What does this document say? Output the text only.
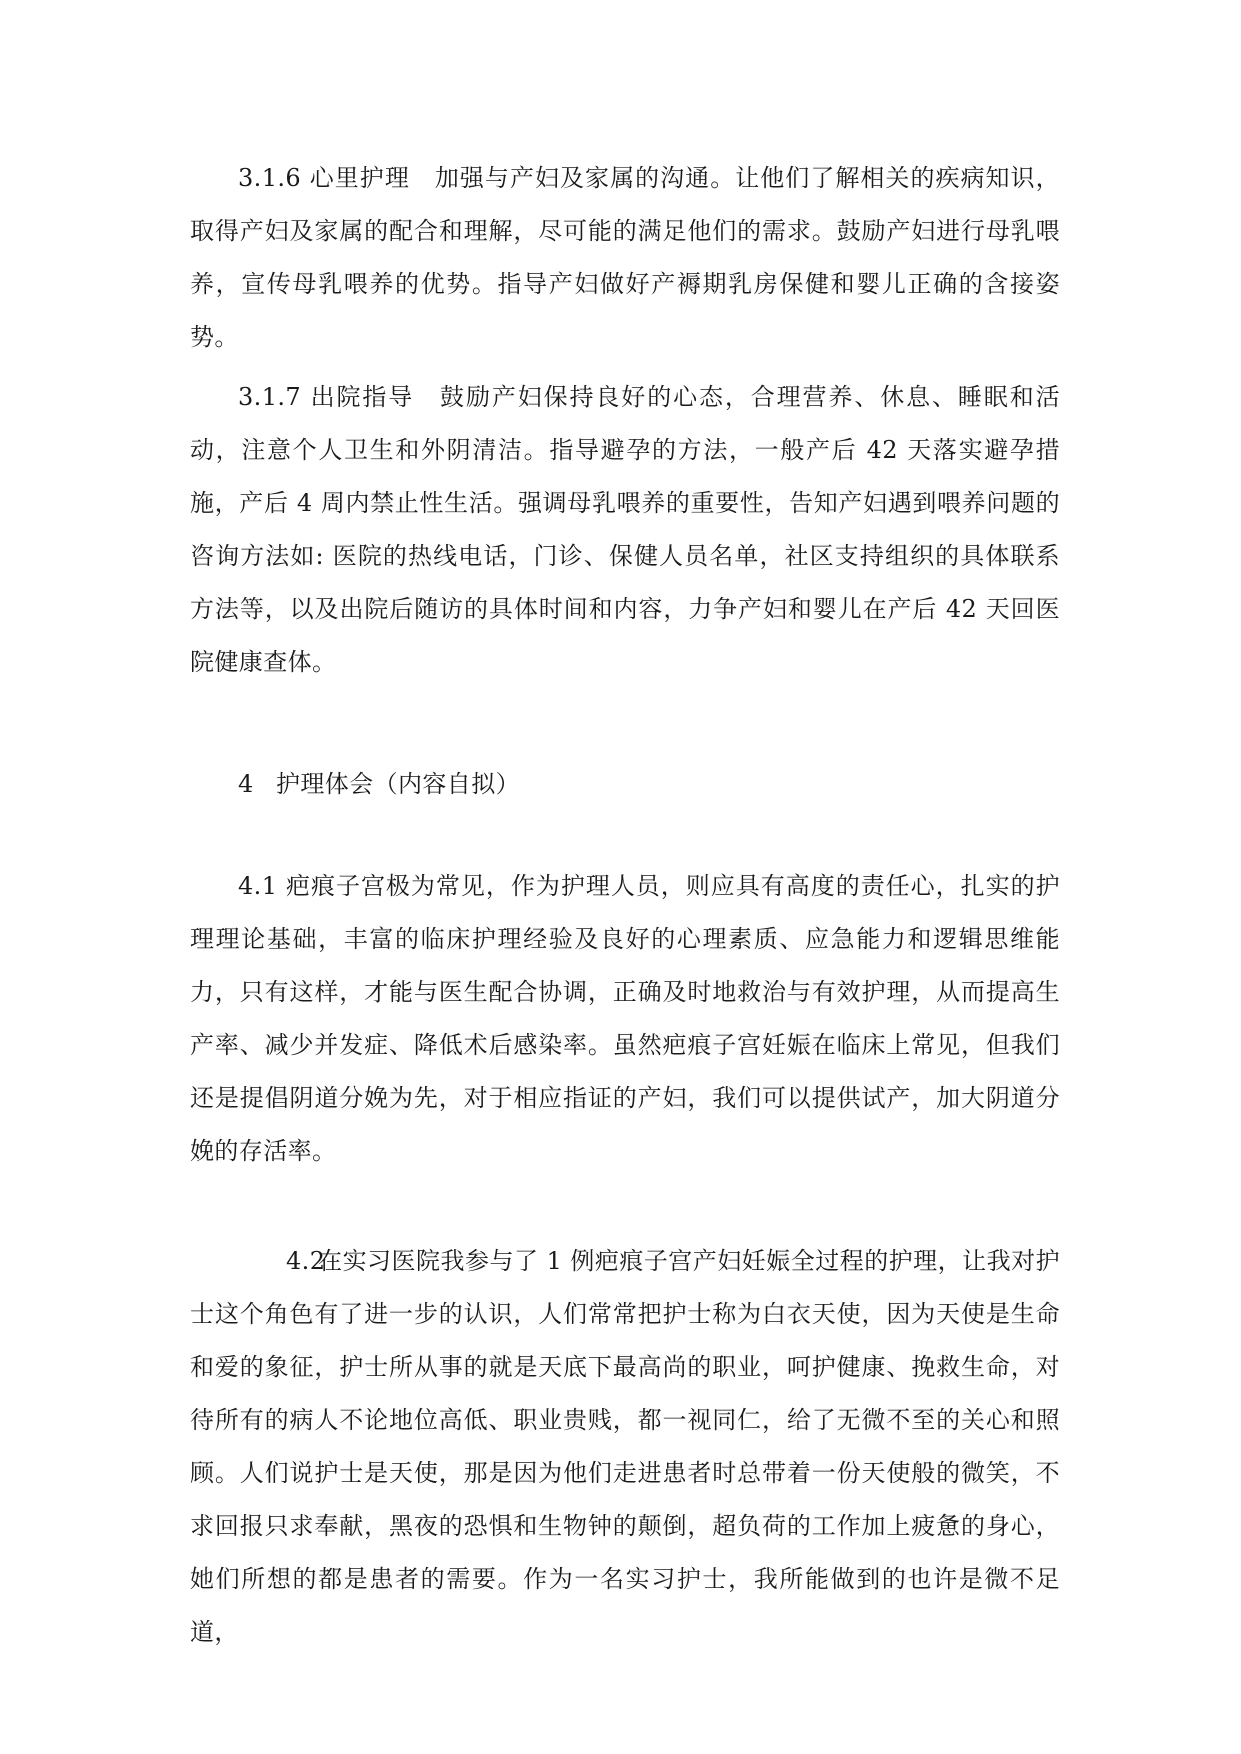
3.1.6 心里护理　加强与产妇及家属的沟通。让他们了解相关的疾病知识，取得产妇及家属的配合和理解，尽可能的满足他们的需求。鼓励产妇进行母乳喂养，宣传母乳喂养的优势。指导产妇做好产褥期乳房保健和婴儿正确的含接姿势。

3.1.7 出院指导　鼓励产妇保持良好的心态，合理营养、休息、睡眠和活动，注意个人卫生和外阴清洁。指导避孕的方法，一般产后 42 天落实避孕措施，产后 4 周内禁止性生活。强调母乳喂养的重要性，告知产妇遇到喂养问题的咨询方法如: 医院的热线电话，门诊、保健人员名单，社区支持组织的具体联系方法等，以及出院后随访的具体时间和内容，力争产妇和婴儿在产后 42 天回医院健康查体。

4 护理体会（内容自拟）

4.1 疤痕子宫极为常见，作为护理人员，则应具有高度的责任心，扎实的护理理论基础，丰富的临床护理经验及良好的心理素质、应急能力和逻辑思维能力，只有这样，才能与医生配合协调，正确及时地救治与有效护理，从而提高生产率、减少并发症、降低术后感染率。虽然疤痕子宫妊娠在临床上常见，但我们还是提倡阴道分娩为先，对于相应指证的产妇，我们可以提供试产，加大阴道分娩的存活率。

4.2在实习医院我参与了 1 例疤痕子宫产妇妊娠全过程的护理，让我对护士这个角色有了进一步的认识，人们常常把护士称为白衣天使，因为天使是生命和爱的象征，护士所从事的就是天底下最高尚的职业，呵护健康、挽救生命，对待所有的病人不论地位高低、职业贵贱，都一视同仁，给了无微不至的关心和照顾。人们说护士是天使，那是因为他们走进患者时总带着一份天使般的微笑，不求回报只求奉献，黑夜的恐惧和生物钟的颠倒，超负荷的工作加上疲惫的身心，她们所想的都是患者的需要。作为一名实习护士，我所能做到的也许是微不足道，
